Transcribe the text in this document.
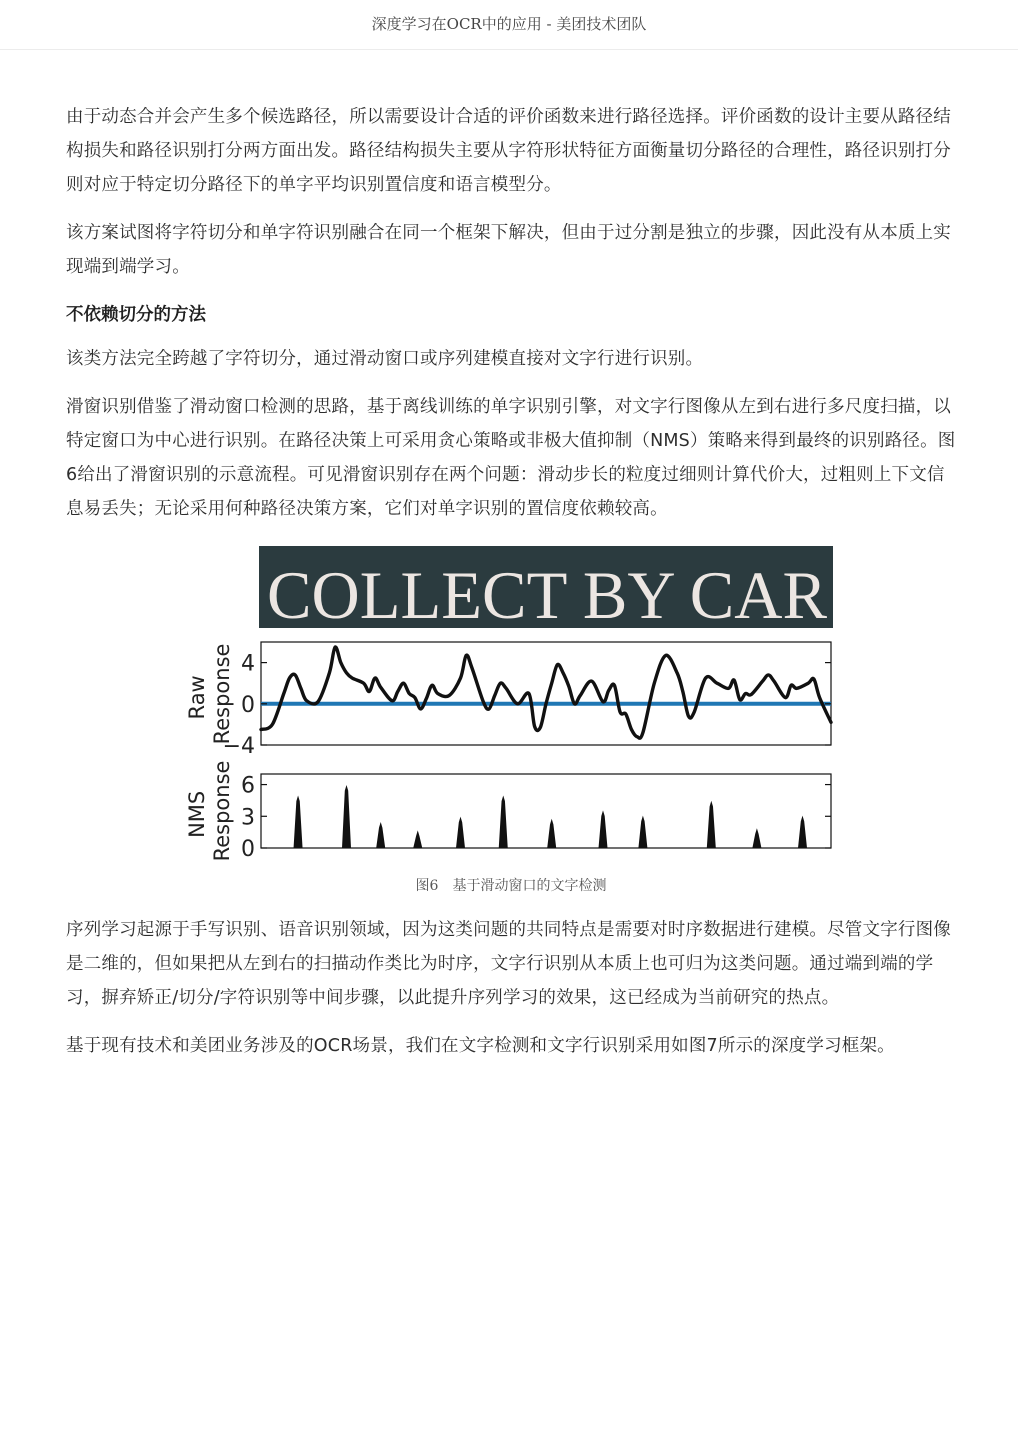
深度学习在OCR中的应用 - 美团技术团队

由于动态合并会产生多个候选路径，所以需要设计合适的评价函数来进行路径选择。评价函数的设计主要从路径结构损失和路径识别打分两方面出发。路径结构损失主要从字符形状特征方面衡量切分路径的合理性，路径识别打分则对应于特定切分路径下的单字平均识别置信度和语言模型分。

该方案试图将字符切分和单字符识别融合在同一个框架下解决，但由于过分割是独立的步骤，因此没有从本质上实现端到端学习。

不依赖切分的方法

该类方法完全跨越了字符切分，通过滑动窗口或序列建模直接对文字行进行识别。

滑窗识别借鉴了滑动窗口检测的思路，基于离线训练的单字识别引擎，对文字行图像从左到右进行多尺度扫描，以特定窗口为中心进行识别。在路径决策上可采用贪心策略或非极大值抑制（NMS）策略来得到最终的识别路径。图6给出了滑窗识别的示意流程。可见滑窗识别存在两个问题：滑动步长的粒度过细则计算代价大，过粗则上下文信息易丢失；无论采用何种路径决策方案，它们对单字识别的置信度依赖较高。

COLLECT BY CAR
4
0
−4
Raw Response
6
3
0
NMS Response
图6　基于滑动窗口的文字检测

序列学习起源于手写识别、语音识别领域，因为这类问题的共同特点是需要对时序数据进行建模。尽管文字行图像是二维的，但如果把从左到右的扫描动作类比为时序，文字行识别从本质上也可归为这类问题。通过端到端的学习，摒弃矫正/切分/字符识别等中间步骤，以此提升序列学习的效果，这已经成为当前研究的热点。

基于现有技术和美团业务涉及的OCR场景，我们在文字检测和文字行识别采用如图7所示的深度学习框架。
